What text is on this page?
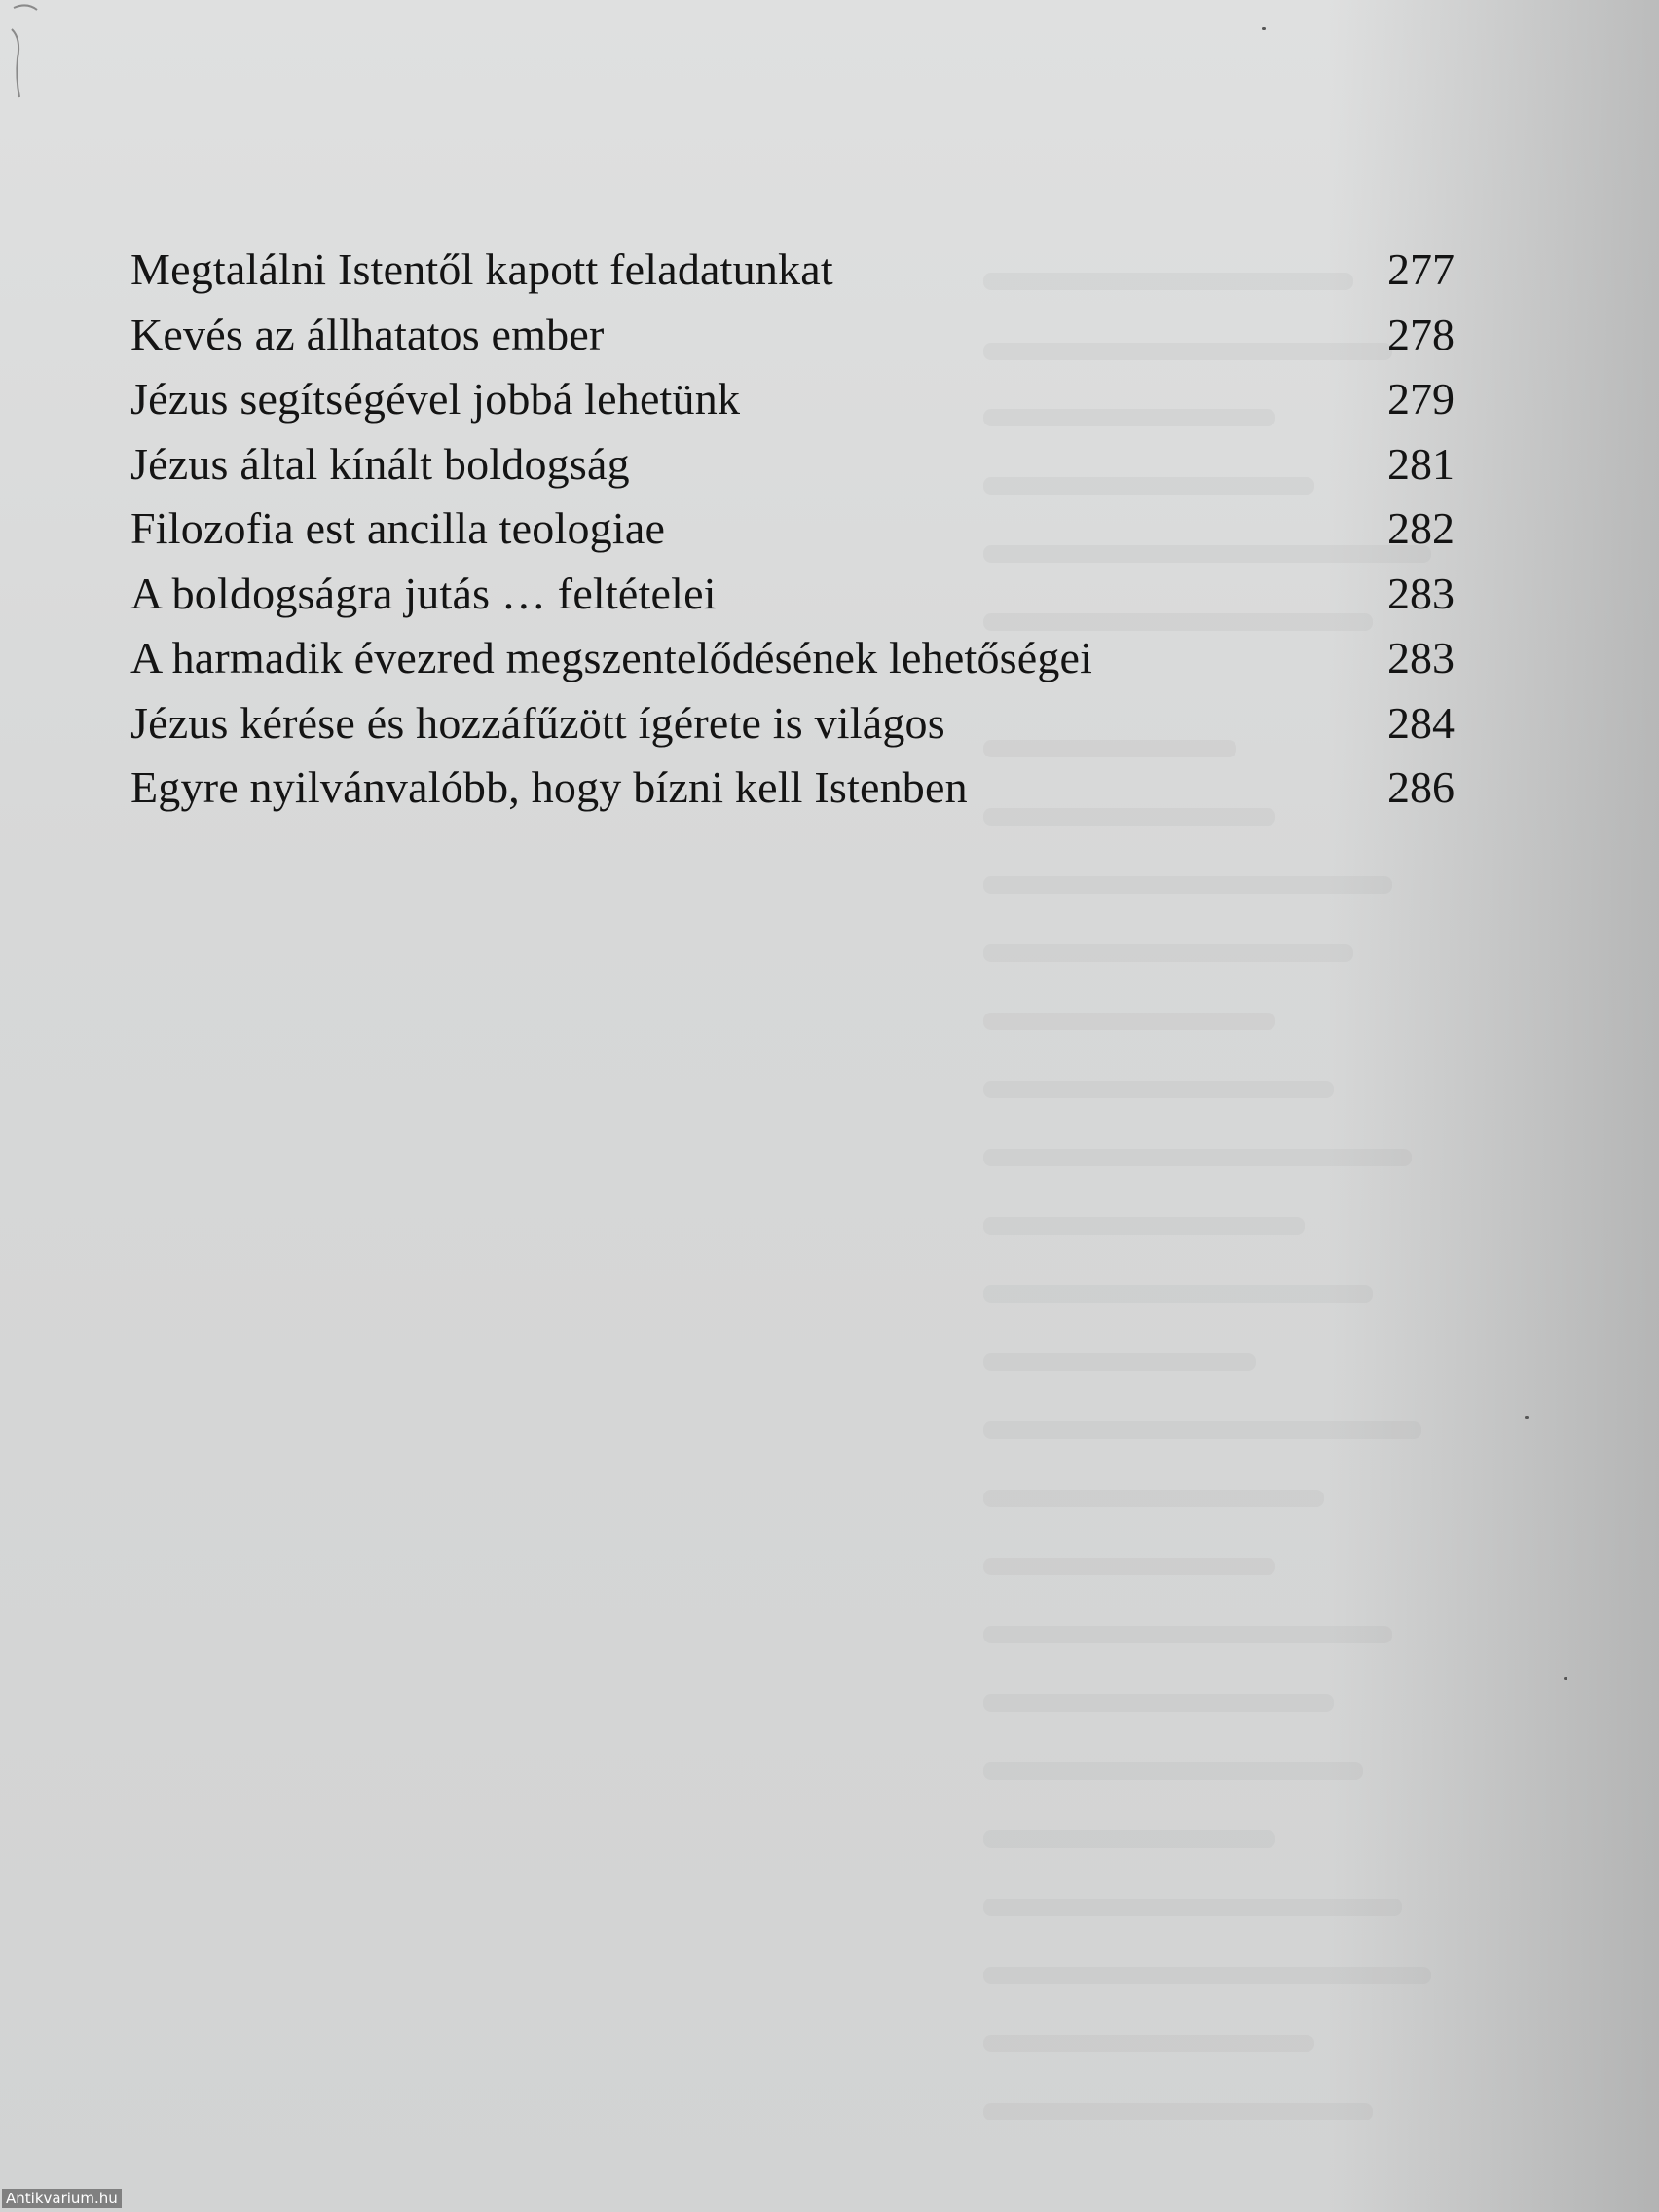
Megtalálni Istentől kapott feladatunkat	277
Kevés az állhatatos ember	278
Jézus segítségével jobbá lehetünk	279
Jézus által kínált boldogság	281
Filozofia est ancilla teologiae	282
A boldogságra jutás … feltételei	283
A harmadik évezred megszentelődésének lehetőségei	283
Jézus kérése és hozzáfűzött ígérete is világos	284
Egyre nyilvánvalóbb, hogy bízni kell Istenben	286
Antikvarium.hu
